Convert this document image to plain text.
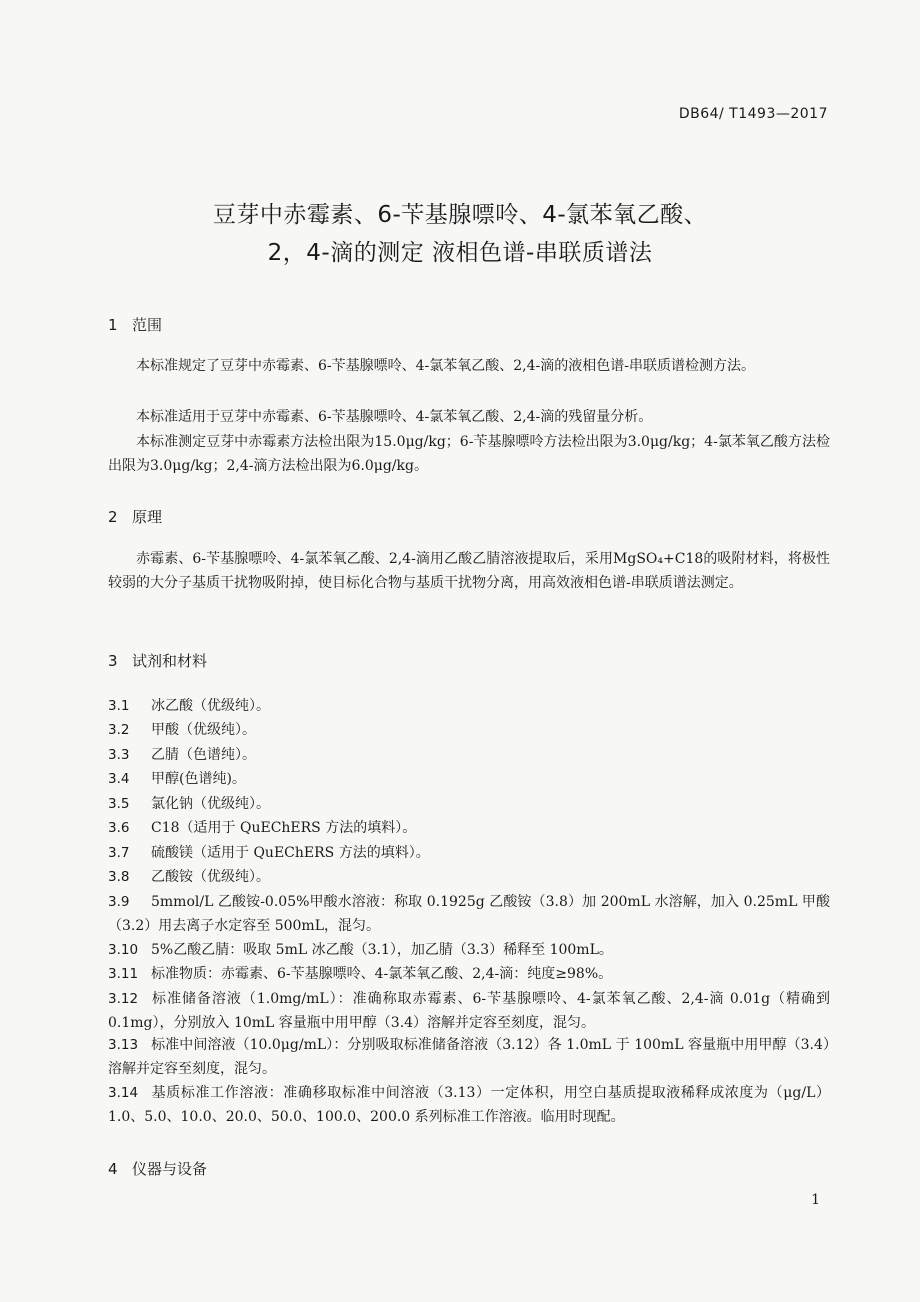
DB64/ T1493—2017
豆芽中赤霉素、6-苄基腺嘌呤、4-氯苯氧乙酸、
2，4-滴的测定 液相色谱-串联质谱法
1 范围
本标准规定了豆芽中赤霉素、6-苄基腺嘌呤、4-氯苯氧乙酸、2,4-滴的液相色谱-串联质谱检测方法。
本标准适用于豆芽中赤霉素、6-苄基腺嘌呤、4-氯苯氧乙酸、2,4-滴的残留量分析。
本标准测定豆芽中赤霉素方法检出限为15.0μg/kg；6-苄基腺嘌呤方法检出限为3.0μg/kg；4-氯苯氧乙酸方法检出限为3.0μg/kg；2,4-滴方法检出限为6.0μg/kg。
2 原理
赤霉素、6-苄基腺嘌呤、4-氯苯氧乙酸、2,4-滴用乙酸乙腈溶液提取后，采用MgSO₄+C18的吸附材料，将极性较弱的大分子基质干扰物吸附掉，使目标化合物与基质干扰物分离，用高效液相色谱-串联质谱法测定。
3 试剂和材料
3.1 冰乙酸（优级纯）。
3.2 甲酸（优级纯）。
3.3 乙腈（色谱纯）。
3.4 甲醇(色谱纯)。
3.5 氯化钠（优级纯）。
3.6 C18（适用于 QuEChERS 方法的填料）。
3.7 硫酸镁（适用于 QuEChERS 方法的填料）。
3.8 乙酸铵（优级纯）。
3.9 5mmol/L 乙酸铵-0.05%甲酸水溶液：称取 0.1925g 乙酸铵（3.8）加 200mL 水溶解，加入 0.25mL 甲酸（3.2）用去离子水定容至 500mL，混匀。
3.10 5%乙酸乙腈：吸取 5mL 冰乙酸（3.1），加乙腈（3.3）稀释至 100mL。
3.11 标准物质：赤霉素、6-苄基腺嘌呤、4-氯苯氧乙酸、2,4-滴：纯度≥98%。
3.12 标准储备溶液（1.0mg/mL）：准确称取赤霉素、6-苄基腺嘌呤、4-氯苯氧乙酸、2,4-滴 0.01g（精确到 0.1mg），分别放入 10mL 容量瓶中用甲醇（3.4）溶解并定容至刻度，混匀。
3.13 标准中间溶液（10.0μg/mL）：分别吸取标准储备溶液（3.12）各 1.0mL 于 100mL 容量瓶中用甲醇（3.4）溶解并定容至刻度，混匀。
3.14 基质标准工作溶液：准确移取标准中间溶液（3.13）一定体积，用空白基质提取液稀释成浓度为（μg/L）1.0、5.0、10.0、20.0、50.0、100.0、200.0 系列标准工作溶液。临用时现配。
4 仪器与设备
1
